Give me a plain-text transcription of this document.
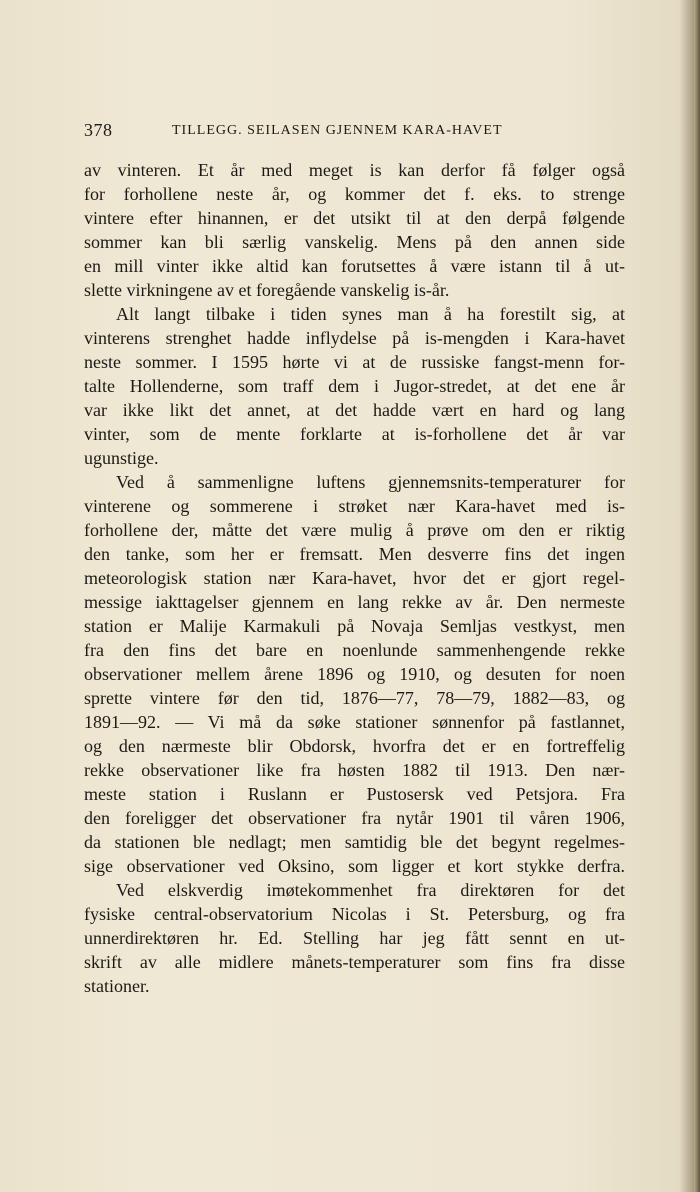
378	TILLEGG. SEILASEN GJENNEM KARA-HAVET
av vinteren. Et år med meget is kan derfor få følger også
for forhollene neste år, og kommer det f. eks. to strenge
vintere efter hinannen, er det utsikt til at den derpå følgende
sommer kan bli særlig vanskelig. Mens på den annen side
en mill vinter ikke altid kan forutsettes å være istann til å ut-
slette virkningene av et foregående vanskelig is-år.
Alt langt tilbake i tiden synes man å ha forestilt sig, at
vinterens strenghet hadde inflydelse på is-mengden i Kara-havet
neste sommer. I 1595 hørte vi at de russiske fangst-menn for-
talte Hollenderne, som traff dem i Jugor-stredet, at det ene år
var ikke likt det annet, at det hadde vært en hard og lang
vinter, som de mente forklarte at is-forhollene det år var
ugunstige.
Ved å sammenligne luftens gjennemsnits-temperaturer for
vinterene og sommerene i strøket nær Kara-havet med is-
forhollene der, måtte det være mulig å prøve om den er riktig
den tanke, som her er fremsatt. Men desverre fins det ingen
meteorologisk station nær Kara-havet, hvor det er gjort regel-
messige iakttagelser gjennem en lang rekke av år. Den nermeste
station er Malije Karmakuli på Novaja Semljas vestkyst, men
fra den fins det bare en noenlunde sammenhengende rekke
observationer mellem årene 1896 og 1910, og desuten for noen
sprette vintere før den tid, 1876—77, 78—79, 1882—83, og
1891—92. — Vi må da søke stationer sønnenfor på fastlannet,
og den nærmeste blir Obdorsk, hvorfra det er en fortreffelig
rekke observationer like fra høsten 1882 til 1913. Den nær-
meste station i Ruslann er Pustosersk ved Petsjora. Fra
den foreligger det observationer fra nytår 1901 til våren 1906,
da stationen ble nedlagt; men samtidig ble det begynt regelmes-
sige observationer ved Oksino, som ligger et kort stykke derfra.
Ved elskverdig imøtekommenhet fra direktøren for det
fysiske central-observatorium Nicolas i St. Petersburg, og fra
unnerdirektøren hr. Ed. Stelling har jeg fått sennt en ut-
skrift av alle midlere månets-temperaturer som fins fra disse
stationer.
